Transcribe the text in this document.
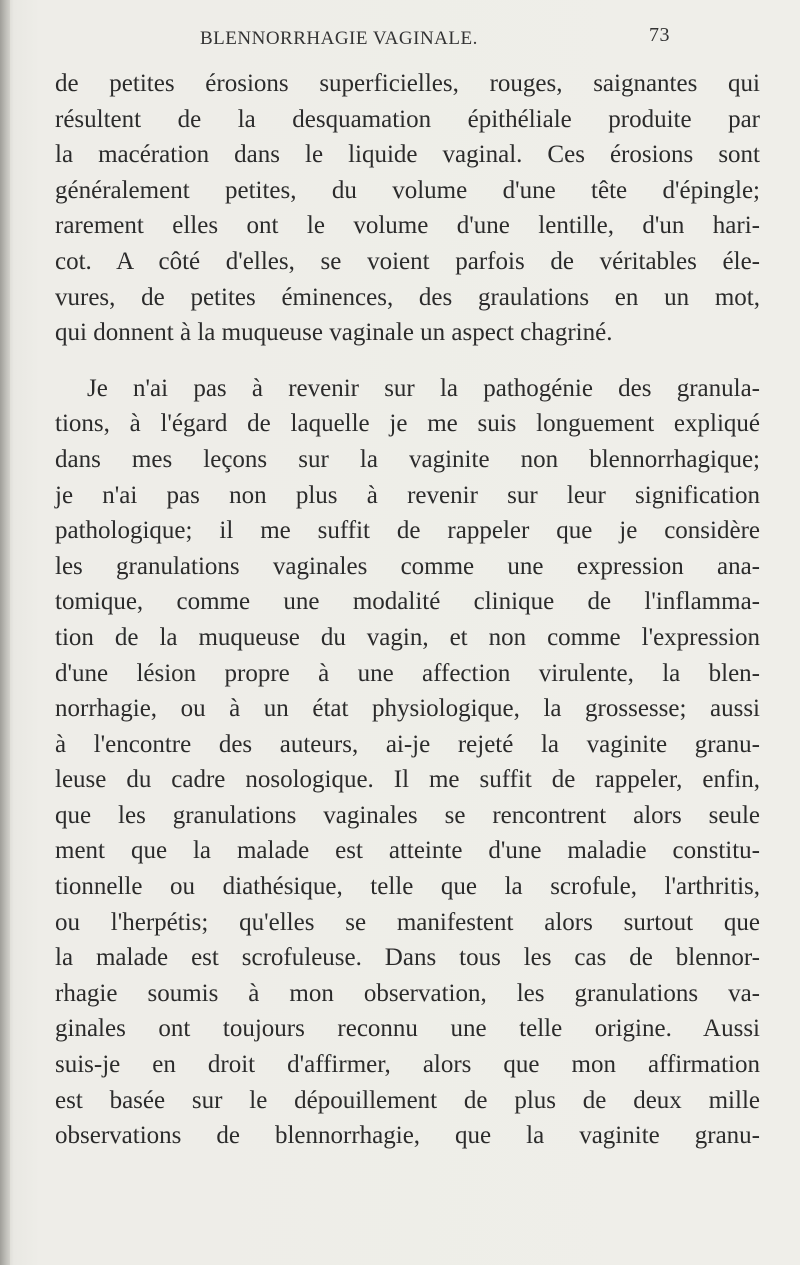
BLENNORRHAGIE VAGINALE.	73

de petites érosions superficielles, rouges, saignantes qui

résultent de la desquamation épithéliale produite par

la macération dans le liquide vaginal. Ces érosions sont

généralement petites, du volume d'une tête d'épingle;

rarement elles ont le volume d'une lentille, d'un hari-

cot. A côté d'elles, se voient parfois de véritables éle-

vures, de petites éminences, des graulations en un mot,

qui donnent à la muqueuse vaginale un aspect chagriné.

Je n'ai pas à revenir sur la pathogénie des granula-

tions, à l'égard de laquelle je me suis longuement expliqué

dans mes leçons sur la vaginite non blennorrhagique;

je n'ai pas non plus à revenir sur leur signification

pathologique; il me suffit de rappeler que je considère

les granulations vaginales comme une expression ana-

tomique, comme une modalité clinique de l'inflamma-

tion de la muqueuse du vagin, et non comme l'expression

d'une lésion propre à une affection virulente, la blen-

norrhagie, ou à un état physiologique, la grossesse; aussi

à l'encontre des auteurs, ai-je rejeté la vaginite granu-

leuse du cadre nosologique. Il me suffit de rappeler, enfin,

que les granulations vaginales se rencontrent alors seule

ment que la malade est atteinte d'une maladie constitu-

tionnelle ou diathésique, telle que la scrofule, l'arthritis,

ou l'herpétis; qu'elles se manifestent alors surtout que

la malade est scrofuleuse. Dans tous les cas de blennor-

rhagie soumis à mon observation, les granulations va-

ginales ont toujours reconnu une telle origine. Aussi

suis-je en droit d'affirmer, alors que mon affirmation

est basée sur le dépouillement de plus de deux mille

observations de blennorrhagie, que la vaginite granu-
